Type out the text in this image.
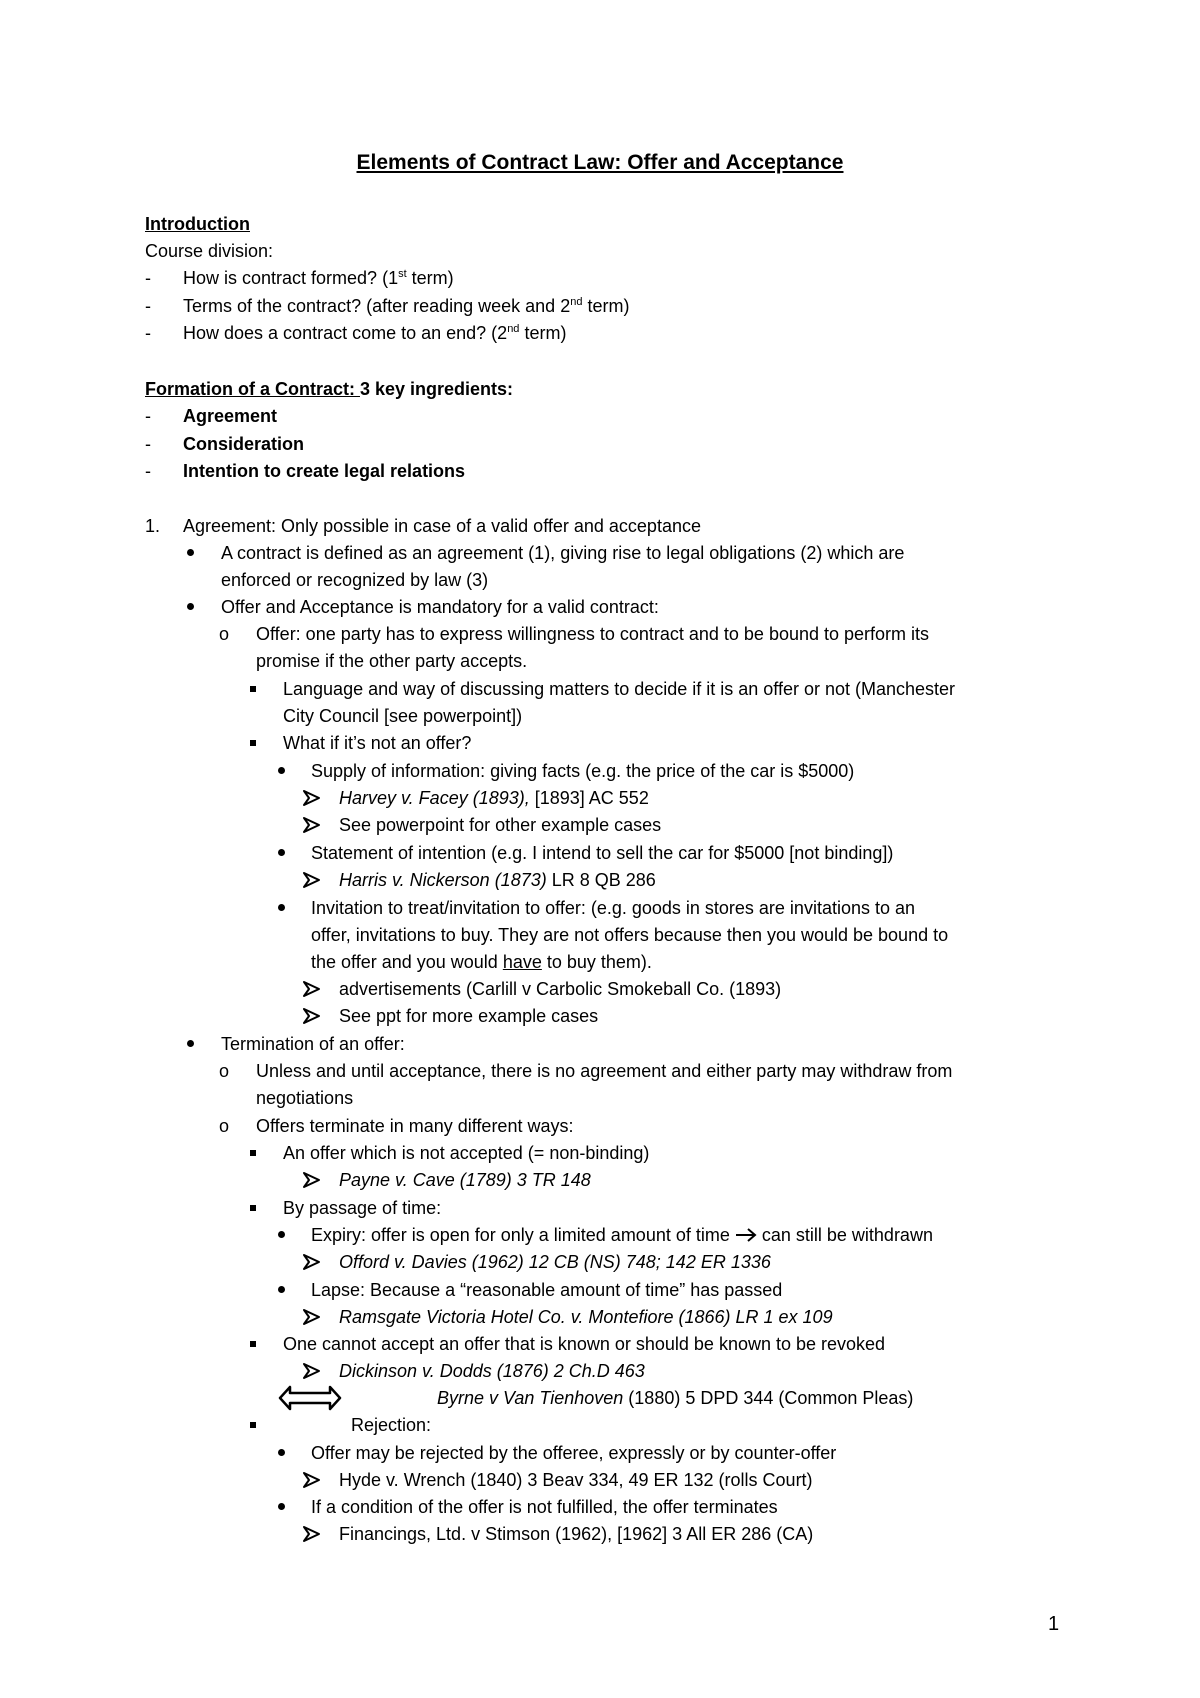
Elements of Contract Law: Offer and Acceptance
Introduction
Course division:
- How is contract formed? (1st term)
- Terms of the contract? (after reading week and 2nd term)
- How does a contract come to an end? (2nd term)
Formation of a Contract: 3 key ingredients:
- Agreement
- Consideration
- Intention to create legal relations
1. Agreement: Only possible in case of a valid offer and acceptance
A contract is defined as an agreement (1), giving rise to legal obligations (2) which are
enforced or recognized by law (3)
Offer and Acceptance is mandatory for a valid contract:
o Offer: one party has to express willingness to contract and to be bound to perform its
promise if the other party accepts.
Language and way of discussing matters to decide if it is an offer or not (Manchester
City Council [see powerpoint])
What if it’s not an offer?
Supply of information: giving facts (e.g. the price of the car is $5000)
Harvey v. Facey (1893), [1893] AC 552
See powerpoint for other example cases
Statement of intention (e.g. I intend to sell the car for $5000 [not binding])
Harris v. Nickerson (1873) LR 8 QB 286
Invitation to treat/invitation to offer: (e.g. goods in stores are invitations to an
offer, invitations to buy. They are not offers because then you would be bound to
the offer and you would have to buy them).
advertisements (Carlill v Carbolic Smokeball Co. (1893)
See ppt for more example cases
Termination of an offer:
o Unless and until acceptance, there is no agreement and either party may withdraw from
negotiations
o Offers terminate in many different ways:
An offer which is not accepted (= non-binding)
Payne v. Cave (1789) 3 TR 148
By passage of time:
Expiry: offer is open for only a limited amount of time  can still be withdrawn
Offord v. Davies (1962) 12 CB (NS) 748; 142 ER 1336
Lapse: Because a “reasonable amount of time” has passed
Ramsgate Victoria Hotel Co. v. Montefiore (1866) LR 1 ex 109
One cannot accept an offer that is known or should be known to be revoked
Dickinson v. Dodds (1876) 2 Ch.D 463
Byrne v Van Tienhoven (1880) 5 DPD 344 (Common Pleas)
Rejection:
Offer may be rejected by the offeree, expressly or by counter-offer
Hyde v. Wrench (1840) 3 Beav 334, 49 ER 132 (rolls Court)
If a condition of the offer is not fulfilled, the offer terminates
Financings, Ltd. v Stimson (1962), [1962] 3 All ER 286 (CA)
1
